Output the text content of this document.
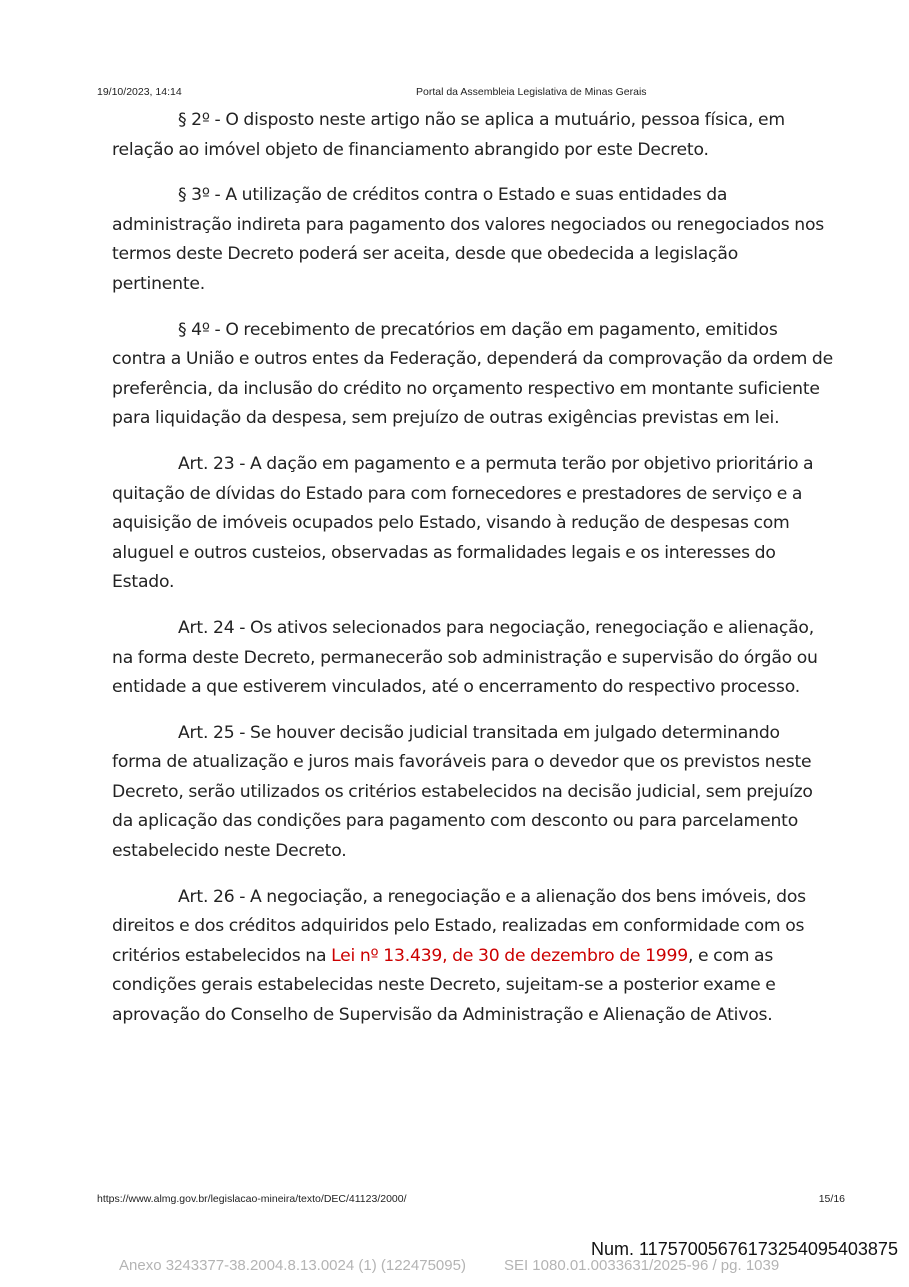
19/10/2023, 14:14	Portal da Assembleia Legislativa de Minas Gerais

§ 2º - O disposto neste artigo não se aplica a mutuário, pessoa física, em relação ao imóvel objeto de financiamento abrangido por este Decreto.

§ 3º - A utilização de créditos contra o Estado e suas entidades da administração indireta para pagamento dos valores negociados ou renegociados nos termos deste Decreto poderá ser aceita, desde que obedecida a legislação pertinente.

§ 4º - O recebimento de precatórios em dação em pagamento, emitidos contra a União e outros entes da Federação, dependerá da comprovação da ordem de preferência, da inclusão do crédito no orçamento respectivo em montante suficiente para liquidação da despesa, sem prejuízo de outras exigências previstas em lei.

Art. 23 - A dação em pagamento e a permuta terão por objetivo prioritário a quitação de dívidas do Estado para com fornecedores e prestadores de serviço e a aquisição de imóveis ocupados pelo Estado, visando à redução de despesas com aluguel e outros custeios, observadas as formalidades legais e os interesses do Estado.

Art. 24 - Os ativos selecionados para negociação, renegociação e alienação, na forma deste Decreto, permanecerão sob administração e supervisão do órgão ou entidade a que estiverem vinculados, até o encerramento do respectivo processo.

Art. 25 - Se houver decisão judicial transitada em julgado determinando forma de atualização e juros mais favoráveis para o devedor que os previstos neste Decreto, serão utilizados os critérios estabelecidos na decisão judicial, sem prejuízo da aplicação das condições para pagamento com desconto ou para parcelamento estabelecido neste Decreto.

Art. 26 - A negociação, a renegociação e a alienação dos bens imóveis, dos direitos e dos créditos adquiridos pelo Estado, realizadas em conformidade com os critérios estabelecidos na Lei nº 13.439, de 30 de dezembro de 1999, e com as condições gerais estabelecidas neste Decreto, sujeitam-se a posterior exame e aprovação do Conselho de Supervisão da Administração e Alienação de Ativos.

https://www.almg.gov.br/legislacao-mineira/texto/DEC/41123/2000/	15/16
Num. 11757005676173254095403875
Anexo 3243377-38.2004.8.13.0024 (1) (122475095)	SEI 1080.01.0033631/2025-96 / pg. 1039
